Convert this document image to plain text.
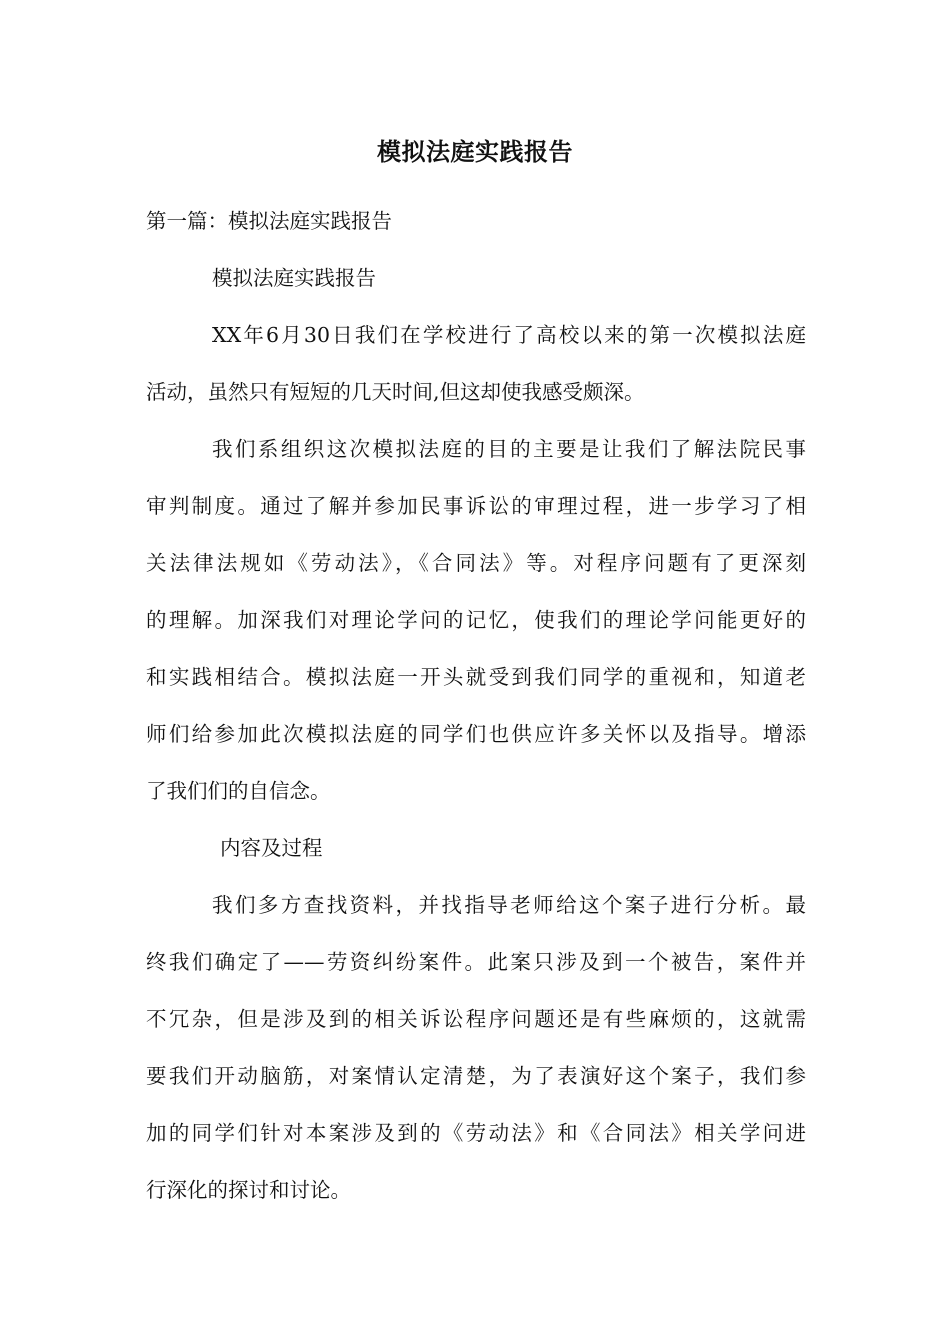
模拟法庭实践报告
第一篇：模拟法庭实践报告
模拟法庭实践报告
XX年6月30日我们在学校进行了高校以来的第一次模拟法庭
活动，虽然只有短短的几天时间,但这却使我感受颇深。
我们系组织这次模拟法庭的目的主要是让我们了解法院民事
审判制度。通过了解并参加民事诉讼的审理过程，进一步学习了相
关法律法规如《劳动法》，《合同法》等。对程序问题有了更深刻
的理解。加深我们对理论学问的记忆，使我们的理论学问能更好的
和实践相结合。模拟法庭一开头就受到我们同学的重视和，知道老
师们给参加此次模拟法庭的同学们也供应许多关怀以及指导。增添
了我们们的自信念。
内容及过程
我们多方查找资料，并找指导老师给这个案子进行分析。最
终我们确定了——劳资纠纷案件。此案只涉及到一个被告，案件并
不冗杂，但是涉及到的相关诉讼程序问题还是有些麻烦的，这就需
要我们开动脑筋，对案情认定清楚，为了表演好这个案子，我们参
加的同学们针对本案涉及到的《劳动法》和《合同法》相关学问进
行深化的探讨和讨论。
